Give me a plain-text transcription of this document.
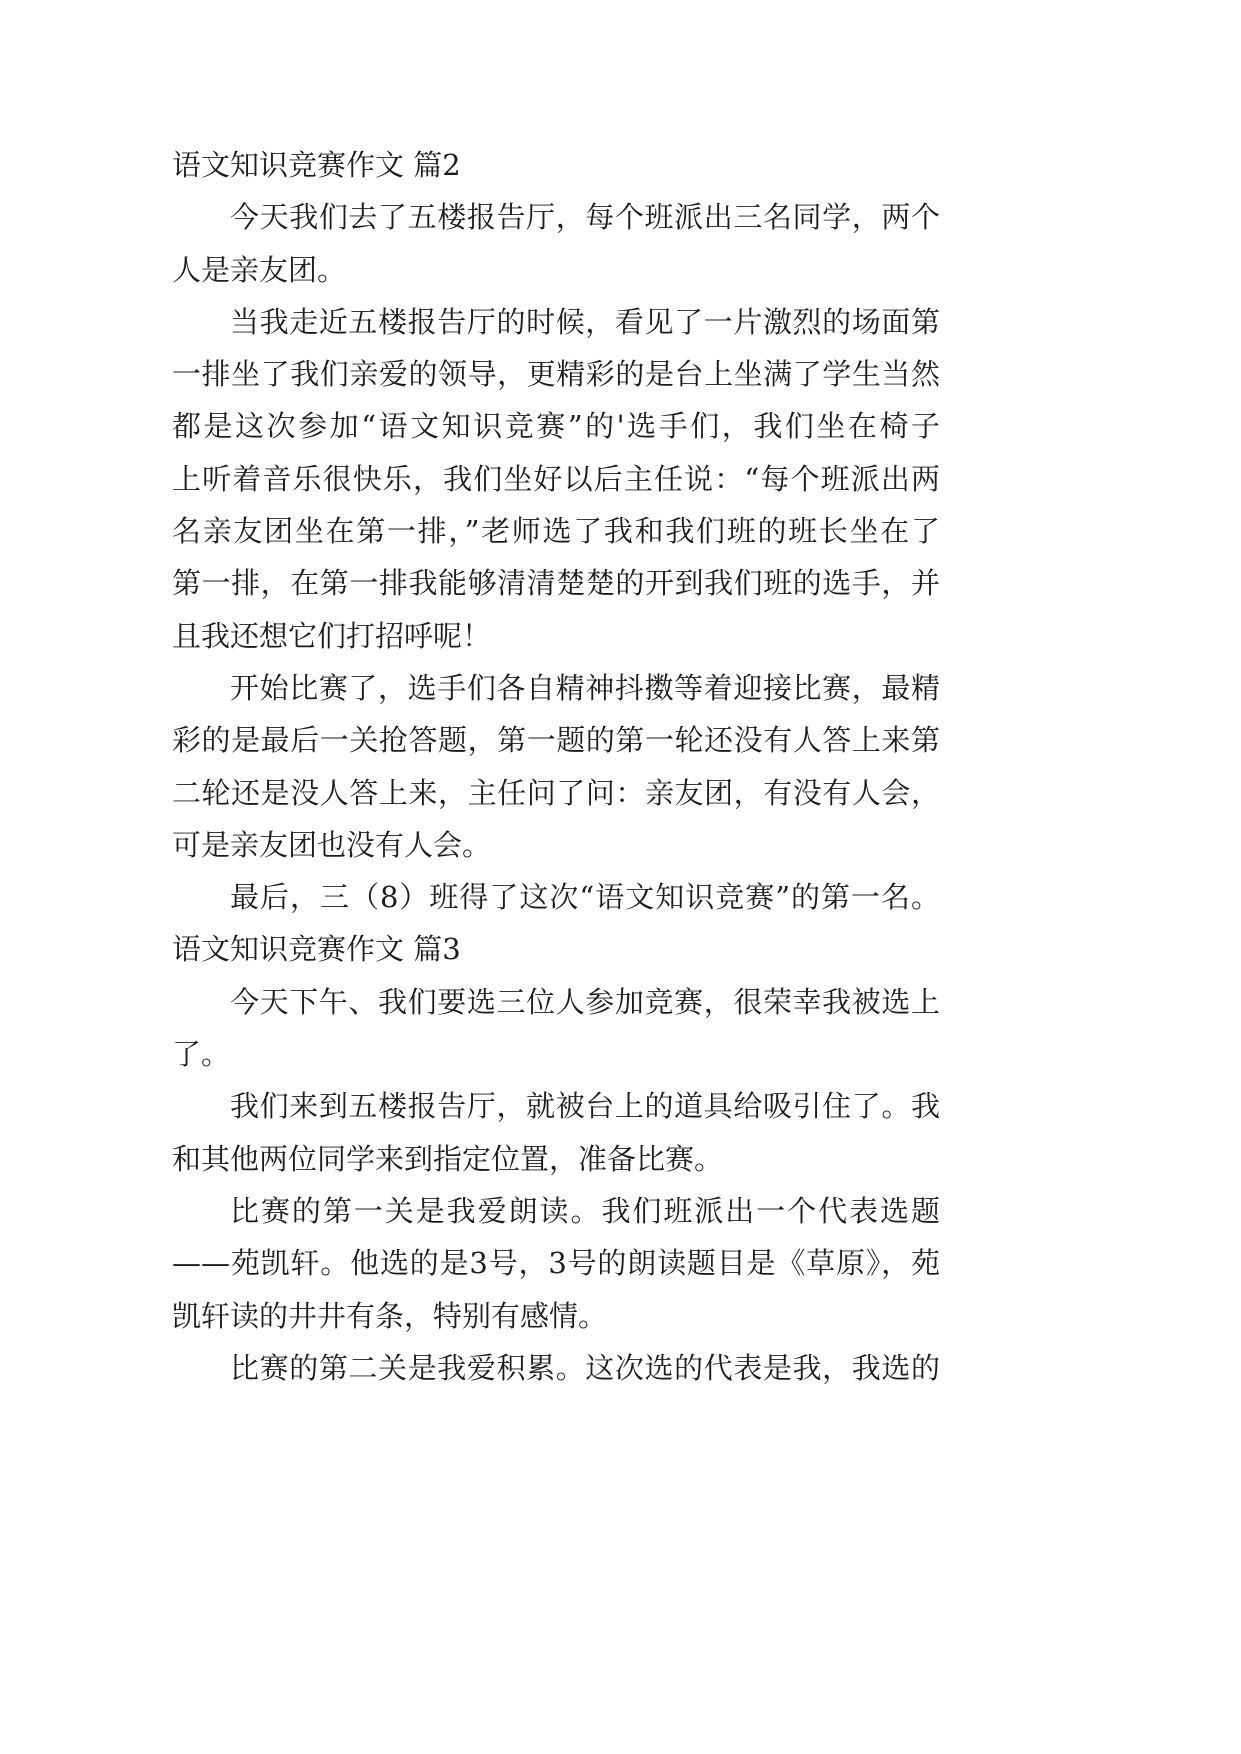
语文知识竞赛作文 篇2
今天我们去了五楼报告厅，每个班派出三名同学，两个
人是亲友团。
当我走近五楼报告厅的时候，看见了一片激烈的场面第
一排坐了我们亲爱的领导，更精彩的是台上坐满了学生当然
都是这次参加“语文知识竞赛”的'选手们，我们坐在椅子
上听着音乐很快乐，我们坐好以后主任说：“每个班派出两
名亲友团坐在第一排，”老师选了我和我们班的班长坐在了
第一排，在第一排我能够清清楚楚的开到我们班的选手，并
且我还想它们打招呼呢！
开始比赛了，选手们各自精神抖擞等着迎接比赛，最精
彩的是最后一关抢答题，第一题的第一轮还没有人答上来第
二轮还是没人答上来，主任问了问：亲友团，有没有人会，
可是亲友团也没有人会。
最后，三（8）班得了这次“语文知识竞赛”的第一名。
语文知识竞赛作文 篇3
今天下午、我们要选三位人参加竞赛，很荣幸我被选上
了。
我们来到五楼报告厅，就被台上的道具给吸引住了。我
和其他两位同学来到指定位置，准备比赛。
比赛的第一关是我爱朗读。我们班派出一个代表选题
——苑凯轩。他选的是3号，3号的朗读题目是《草原》，苑
凯轩读的井井有条，特别有感情。
比赛的第二关是我爱积累。这次选的代表是我，我选的
